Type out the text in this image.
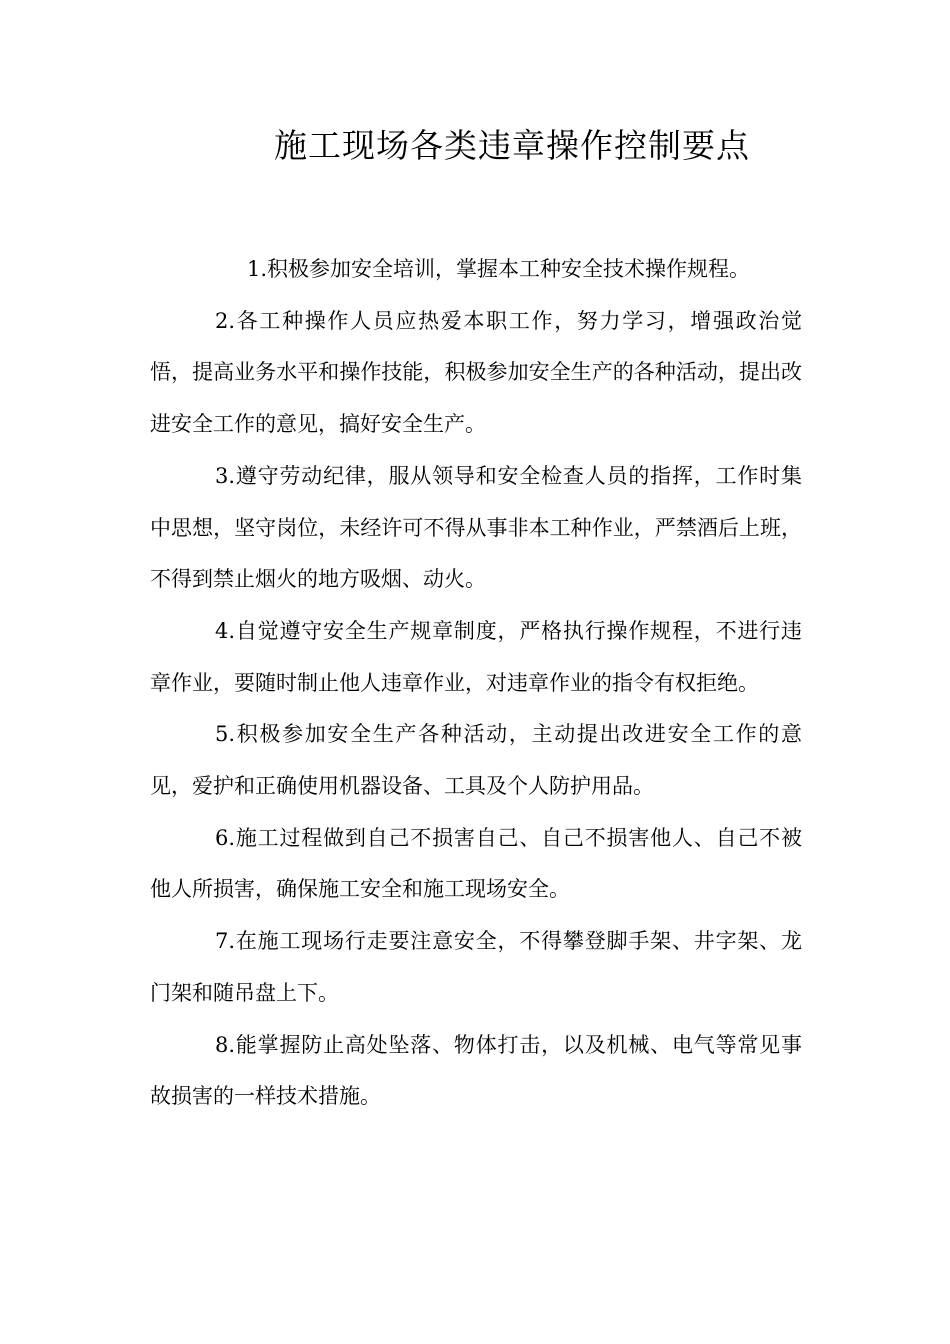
施工现场各类违章操作控制要点

1.积极参加安全培训，掌握本工种安全技术操作规程。

2.各工种操作人员应热爱本职工作，努力学习，增强政治觉悟，提高业务水平和操作技能，积极参加安全生产的各种活动，提出改进安全工作的意见，搞好安全生产。

3.遵守劳动纪律，服从领导和安全检查人员的指挥，工作时集中思想，坚守岗位，未经许可不得从事非本工种作业，严禁酒后上班，不得到禁止烟火的地方吸烟、动火。

4.自觉遵守安全生产规章制度，严格执行操作规程，不进行违章作业，要随时制止他人违章作业，对违章作业的指令有权拒绝。

5.积极参加安全生产各种活动，主动提出改进安全工作的意见，爱护和正确使用机器设备、工具及个人防护用品。

6.施工过程做到自己不损害自己、自己不损害他人、自己不被他人所损害，确保施工安全和施工现场安全。

7.在施工现场行走要注意安全，不得攀登脚手架、井字架、龙门架和随吊盘上下。

8.能掌握防止高处坠落、物体打击，以及机械、电气等常见事故损害的一样技术措施。
